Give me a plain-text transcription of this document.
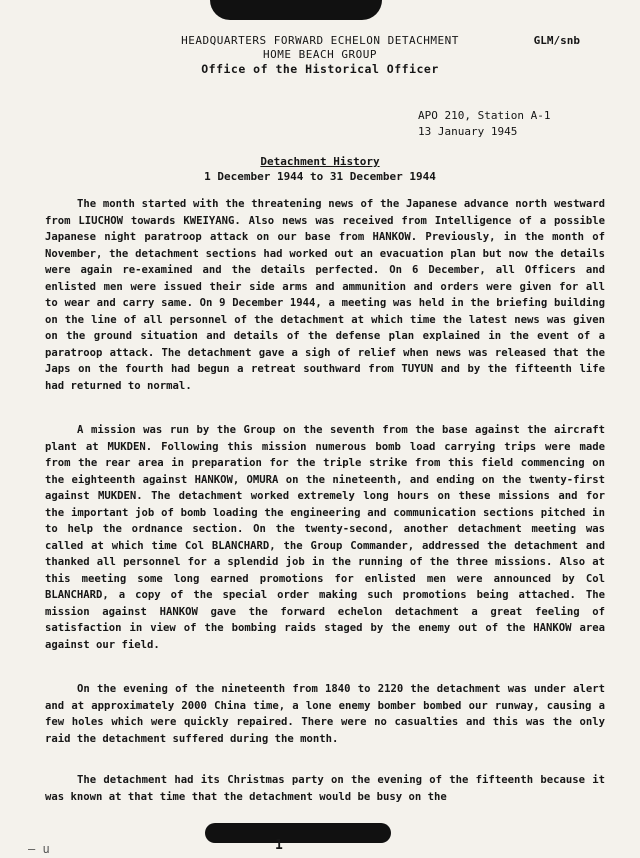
HEADQUARTERS FORWARD ECHELON DETACHMENT
HOME BEACH GROUP
Office of the Historical Officer
GLM/snb
APO 210, Station A-1
13 January 1945
Detachment History
1 December 1944 to 31 December 1944

The month started with the threatening news of the Japanese advance north westward from LIUCHOW towards KWEIYANG. Also news was received from Intelligence of a possible Japanese night paratroop attack on our base from HANKOW. Previously, in the month of November, the detachment sections had worked out an evacuation plan but now the details were again re-examined and the details perfected. On 6 December, all Officers and enlisted men were issued their side arms and ammunition and orders were given for all to wear and carry same. On 9 December 1944, a meeting was held in the briefing building on the line of all personnel of the detachment at which time the latest news was given on the ground situation and details of the defense plan explained in the event of a paratroop attack. The detachment gave a sigh of relief when news was released that the Japs on the fourth had begun a retreat southward from TUYUN and by the fifteenth life had returned to normal.

A mission was run by the Group on the seventh from the base against the aircraft plant at MUKDEN. Following this mission numerous bomb load carrying trips were made from the rear area in preparation for the triple strike from this field commencing on the eighteenth against HANKOW, OMURA on the nineteenth, and ending on the twenty-first against MUKDEN. The detachment worked extremely long hours on these missions and for the important job of bomb loading the engineering and communication sections pitched in to help the ordnance section. On the twenty-second, another detachment meeting was called at which time Col BLANCHARD, the Group Commander, addressed the detachment and thanked all personnel for a splendid job in the running of the three missions. Also at this meeting some long earned promotions for enlisted men were announced by Col BLANCHARD, a copy of the special order making such promotions being attached. The mission against HANKOW gave the forward echelon detachment a great feeling of satisfaction in view of the bombing raids staged by the enemy out of the HANKOW area against our field.

On the evening of the nineteenth from 1840 to 2120 the detachment was under alert and at approximately 2000 China time, a lone enemy bomber bombed our runway, causing a few holes which were quickly repaired. There were no casualties and this was the only raid the detachment suffered during the month.

The detachment had its Christmas party on the evening of the fifteenth because it was known at that time that the detachment would be busy on the

1
— u
